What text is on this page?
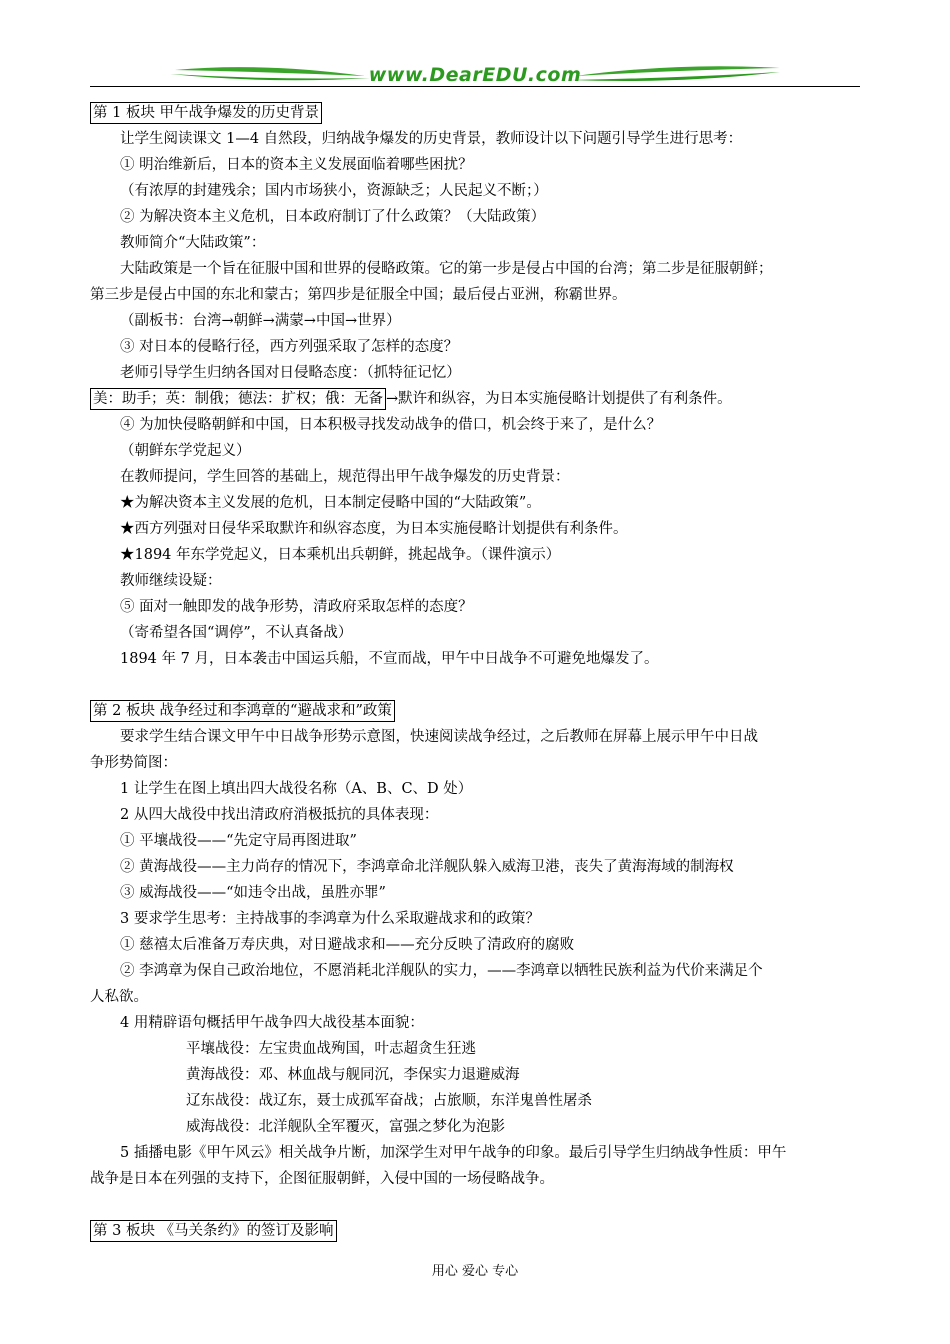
www.DearEDU.com

第 1 板块 甲午战争爆发的历史背景

让学生阅读课文 1—4 自然段，归纳战争爆发的历史背景，教师设计以下问题引导学生进行思考：

① 明治维新后，日本的资本主义发展面临着哪些困扰？

（有浓厚的封建残余；国内市场狭小，资源缺乏；人民起义不断；）

② 为解决资本主义危机，日本政府制订了什么政策？（大陆政策）

教师简介“大陆政策”：

大陆政策是一个旨在征服中国和世界的侵略政策。它的第一步是侵占中国的台湾；第二步是征服朝鲜；

第三步是侵占中国的东北和蒙古；第四步是征服全中国；最后侵占亚洲，称霸世界。

（副板书：台湾→朝鲜→满蒙→中国→世界）

③ 对日本的侵略行径，西方列强采取了怎样的态度？

老师引导学生归纳各国对日侵略态度：（抓特征记忆）

美：助手；英：制俄；德法：扩权；俄：无备 →默许和纵容，为日本实施侵略计划提供了有利条件。

④ 为加快侵略朝鲜和中国，日本积极寻找发动战争的借口，机会终于来了，是什么？

（朝鲜东学党起义）

在教师提问，学生回答的基础上，规范得出甲午战争爆发的历史背景：

★为解决资本主义发展的危机，日本制定侵略中国的“大陆政策”。

★西方列强对日侵华采取默许和纵容态度，为日本实施侵略计划提供有利条件。

★1894 年东学党起义，日本乘机出兵朝鲜，挑起战争。（课件演示）

教师继续设疑：

⑤ 面对一触即发的战争形势，清政府采取怎样的态度？

（寄希望各国“调停”，不认真备战）

1894 年 7 月，日本袭击中国运兵船，不宣而战，甲午中日战争不可避免地爆发了。

第 2 板块 战争经过和李鸿章的“避战求和”政策

要求学生结合课文甲午中日战争形势示意图，快速阅读战争经过，之后教师在屏幕上展示甲午中日战

争形势简图：

1 让学生在图上填出四大战役名称（A、B、C、D 处）

2 从四大战役中找出清政府消极抵抗的具体表现：

① 平壤战役——“先定守局再图进取”

② 黄海战役——主力尚存的情况下，李鸿章命北洋舰队躲入威海卫港，丧失了黄海海域的制海权

③ 威海战役——“如违令出战，虽胜亦罪”

3 要求学生思考：主持战事的李鸿章为什么采取避战求和的政策？

① 慈禧太后准备万寿庆典，对日避战求和——充分反映了清政府的腐败

② 李鸿章为保自己政治地位，不愿消耗北洋舰队的实力，——李鸿章以牺牲民族利益为代价来满足个

人私欲。

4 用精辟语句概括甲午战争四大战役基本面貌：

平壤战役：左宝贵血战殉国，叶志超贪生狂逃

黄海战役：邓、林血战与舰同沉，李保实力退避威海

辽东战役：战辽东，聂士成孤军奋战；占旅顺，东洋鬼兽性屠杀

威海战役：北洋舰队全军覆灭，富强之梦化为泡影

5 插播电影《甲午风云》相关战争片断，加深学生对甲午战争的印象。最后引导学生归纳战争性质：甲午

战争是日本在列强的支持下，企图征服朝鲜，入侵中国的一场侵略战争。

第 3 板块 《马关条约》的签订及影响

用心 爱心 专心
